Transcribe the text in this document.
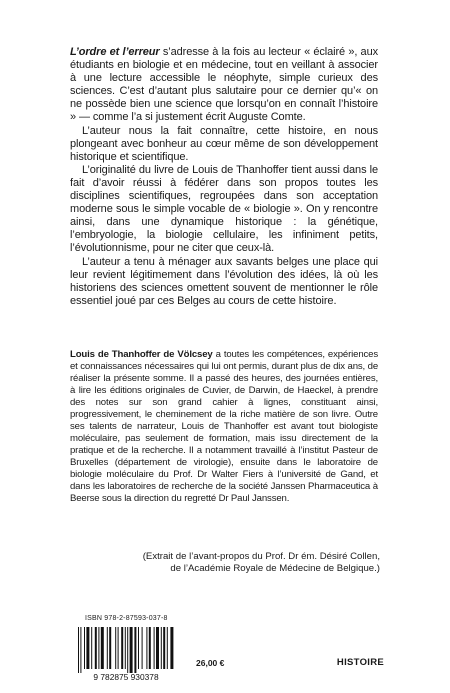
L’ordre et l’erreur s’adresse à la fois au lecteur « éclairé », aux étudiants en biologie et en médecine, tout en veillant à associer à une lecture accessible le néophyte, simple curieux des sciences. C’est d’autant plus salutaire pour ce dernier qu’« on ne possède bien une science que lorsqu’on en connaît l’histoire » — comme l’a si justement écrit Auguste Comte.

L’auteur nous la fait connaître, cette histoire, en nous plongeant avec bonheur au cœur même de son développement historique et scientifique.

L’originalité du livre de Louis de Thanhoffer tient aussi dans le fait d’avoir réussi à fédérer dans son propos toutes les disciplines scientifiques, regroupées dans son acceptation moderne sous le simple vocable de « biologie ». On y rencontre ainsi, dans une dynamique historique : la génétique, l’embryologie, la biologie cellulaire, les infiniment petits, l’évolutionnisme, pour ne citer que ceux-là.

L’auteur a tenu à ménager aux savants belges une place qui leur revient légitimement dans l’évolution des idées, là où les historiens des sciences omettent souvent de mentionner le rôle essentiel joué par ces Belges au cours de cette histoire.

Louis de Thanhoffer de Völcsey a toutes les compétences, expériences et connaissances nécessaires qui lui ont permis, durant plus de dix ans, de réaliser la présente somme. Il a passé des heures, des journées entières, à lire les éditions originales de Cuvier, de Darwin, de Haeckel, à prendre des notes sur son grand cahier à lignes, constituant ainsi, progressivement, le cheminement de la riche matière de son livre. Outre ses talents de narrateur, Louis de Thanhoffer est avant tout biologiste moléculaire, pas seulement de formation, mais issu directement de la pratique et de la recherche. Il a notamment travaillé à l’institut Pasteur de Bruxelles (département de virologie), ensuite dans le laboratoire de biologie moléculaire du Prof. Dr Walter Fiers à l’université de Gand, et dans les laboratoires de recherche de la société Janssen Pharmaceutica à Beerse sous la direction du regretté Dr Paul Janssen.

(Extrait de l’avant-propos du Prof. Dr ém. Désiré Collen,
de l’Académie Royale de Médecine de Belgique.)

ISBN 978-2-87593-037-8
9 782875 930378
26,00 €	HISTOIRE
